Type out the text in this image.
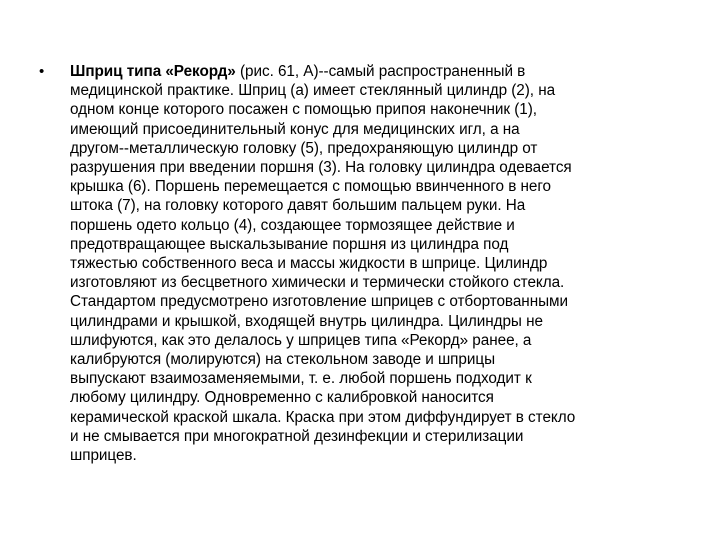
• Шприц типа «Рекорд» (рис. 61, А)--самый распространенный в
медицинской практике. Шприц (а) имеет стеклянный цилиндр (2), на
одном конце которого посажен с помощью припоя наконечник (1),
имеющий присоединительный конус для медицинских игл, а на
другом--металлическую головку (5), предохраняющую цилиндр от
разрушения при введении поршня (3). На головку цилиндра одевается
крышка (6). Поршень перемещается с помощью ввинченного в него
штока (7), на головку которого давят большим пальцем руки. На
поршень одето кольцо (4), создающее тормозящее действие и
предотвращающее выскальзывание поршня из цилиндра под
тяжестью собственного веса и массы жидкости в шприце. Цилиндр
изготовляют из бесцветного химически и термически стойкого стекла.
Стандартом предусмотрено изготовление шприцев с отбортованными
цилиндрами и крышкой, входящей внутрь цилиндра. Цилиндры не
шлифуются, как это делалось у шприцев типа «Рекорд» ранее, а
калибруются (молируются) на стекольном заводе и шприцы
выпускают взаимозаменяемыми, т. е. любой поршень подходит к
любому цилиндру. Одновременно с калибровкой наносится
керамической краской шкала. Краска при этом диффундирует в стекло
и не смывается при многократной дезинфекции и стерилизации
шприцев.
